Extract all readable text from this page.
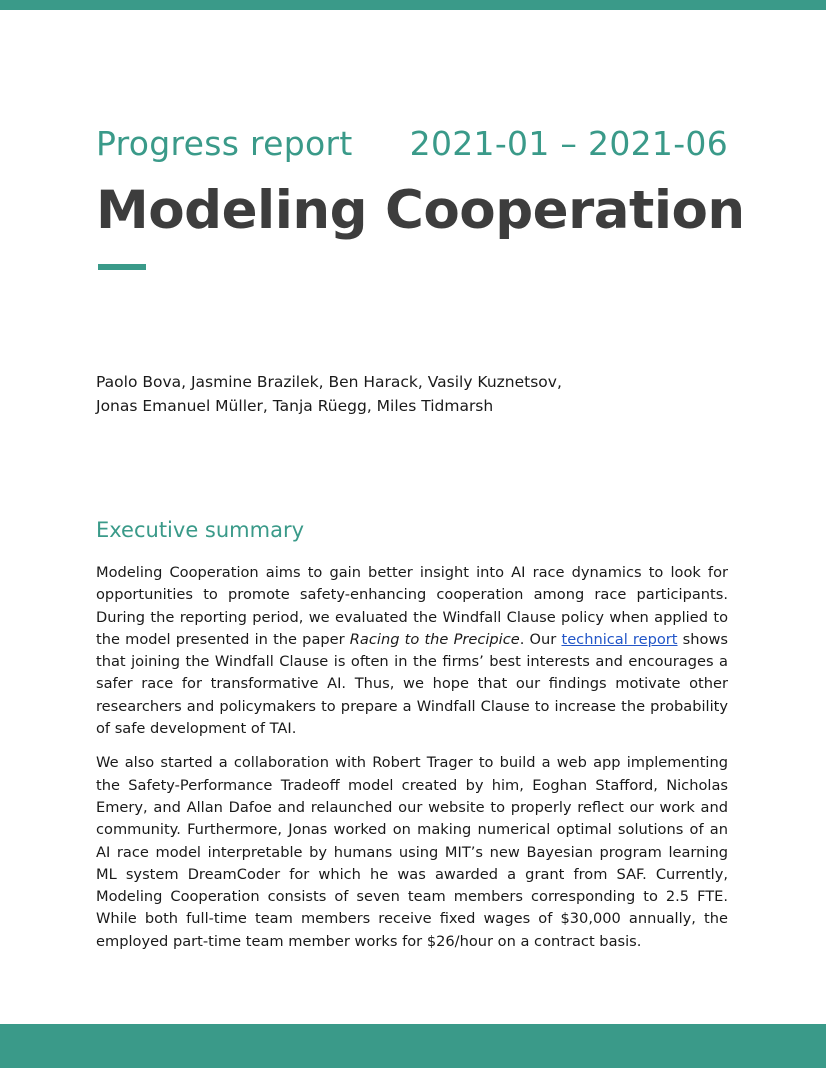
Progress report 2021-01 – 2021-06
Modeling Cooperation
Paolo Bova, Jasmine Brazilek, Ben Harack, Vasily Kuznetsov,
Jonas Emanuel Müller, Tanja Rüegg, Miles Tidmarsh
Executive summary

Modeling Cooperation aims to gain better insight into AI race dynamics to look for opportunities to promote safety-enhancing cooperation among race participants. During the reporting period, we evaluated the Windfall Clause policy when applied to the model presented in the paper Racing to the Precipice. Our technical report shows that joining the Windfall Clause is often in the firms’ best interests and encourages a safer race for transformative AI. Thus, we hope that our findings motivate other researchers and policymakers to prepare a Windfall Clause to increase the probability of safe development of TAI.

We also started a collaboration with Robert Trager to build a web app implementing the Safety-Performance Tradeoff model created by him, Eoghan Stafford, Nicholas Emery, and Allan Dafoe and relaunched our website to properly reflect our work and community. Furthermore, Jonas worked on making numerical optimal solutions of an AI race model interpretable by humans using MIT’s new Bayesian program learning ML system DreamCoder for which he was awarded a grant from SAF. Currently, Modeling Cooperation consists of seven team members corresponding to 2.5 FTE. While both full-time team members receive fixed wages of $30,000 annually, the employed part-time team member works for $26/hour on a contract basis.
